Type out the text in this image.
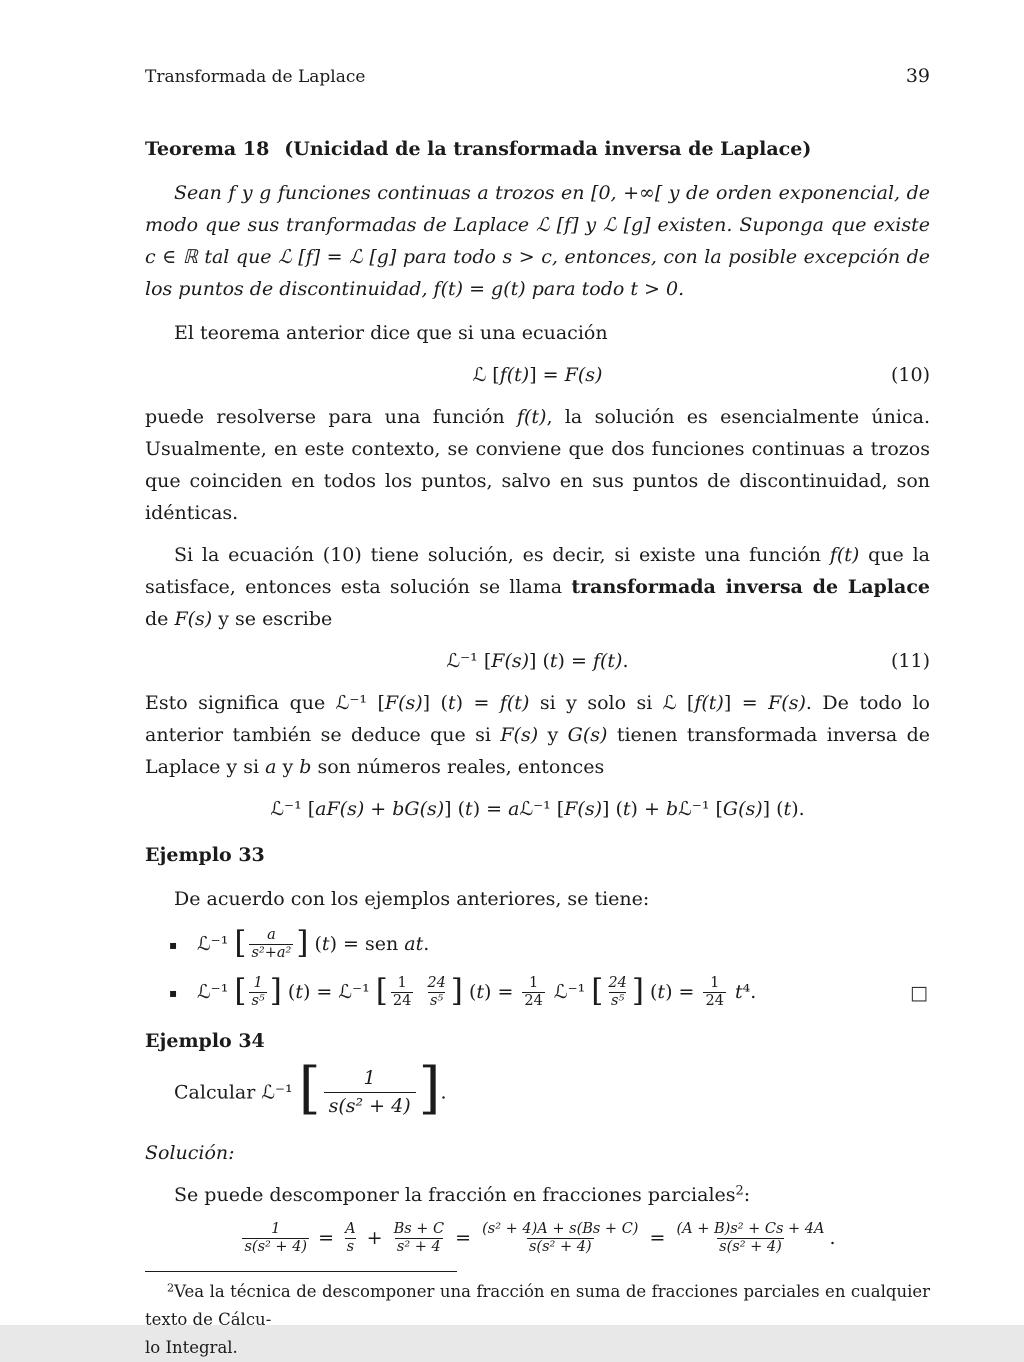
Transformada de Laplace	39
Teorema 18 (Unicidad de la transformada inversa de Laplace)

Sean f y g funciones continuas a trozos en [0, +∞[ y de orden exponencial, de modo que sus tranformadas de Laplace ℒ [f] y ℒ [g] existen. Suponga que existe c ∈ ℝ tal que ℒ [f] = ℒ [g] para todo s > c, entonces, con la posible excepción de los puntos de discontinuidad, f(t) = g(t) para todo t > 0.

El teorema anterior dice que si una ecuación

ℒ [f(t)] = F(s)	(10)

puede resolverse para una función f(t), la solución es esencialmente única. Usualmente, en este contexto, se conviene que dos funciones continuas a trozos que coinciden en todos los puntos, salvo en sus puntos de discontinuidad, son idénticas.

Si la ecuación (10) tiene solución, es decir, si existe una función f(t) que la satisface, entonces esta solución se llama transformada inversa de Laplace de F(s) y se escribe

ℒ⁻¹ [F(s)] (t) = f(t).	(11)

Esto significa que ℒ⁻¹ [F(s)] (t) = f(t) si y solo si ℒ [f(t)] = F(s). De todo lo anterior también se deduce que si F(s) y G(s) tienen transformada inversa de Laplace y si a y b son números reales, entonces

ℒ⁻¹ [aF(s) + bG(s)] (t) = aℒ⁻¹ [F(s)] (t) + bℒ⁻¹ [G(s)] (t).
Ejemplo 33

De acuerdo con los ejemplos anteriores, se tiene:

▪ ℒ⁻¹ [ $\frac{a}{\text{s²+a²}}$ ] (t) = sen at.
▪ ℒ⁻¹ [ $\frac{1}{\text{s⁵}}$ ] (t) = ℒ⁻¹ [ $\frac{1}{24}$
$\frac{24}{\text{s⁵}}$ ] $(t) = \frac{1}{24}$ ℒ⁻¹ [ $\frac{24}{\text{s⁵}}$ ] $(t) = \frac{1}{24} t^4$.	□
Ejemplo 34
Calcular ℒ⁻¹ [ $\frac{1}{\text{s(s² + 4)}}$ ].

Solución:

Se puede descomponer la fracción en fracciones parciales$^2$:

$\frac{1}{\text{s(s² + 4)}} = \frac{A}{s} + \frac{Bs + C}{\text{s² + 4}} = \frac{\text{(s² + 4)A + s(Bs + C)}}{\text{s(s² + 4)}} = \frac{\text{(A + B)s² + Cs + 4A}}{\text{s(s² + 4)}}$ .

$^2$Vea la técnica de descomponer una fracción en suma de fracciones parciales en cualquier texto de Cálcu-
lo Integral.
